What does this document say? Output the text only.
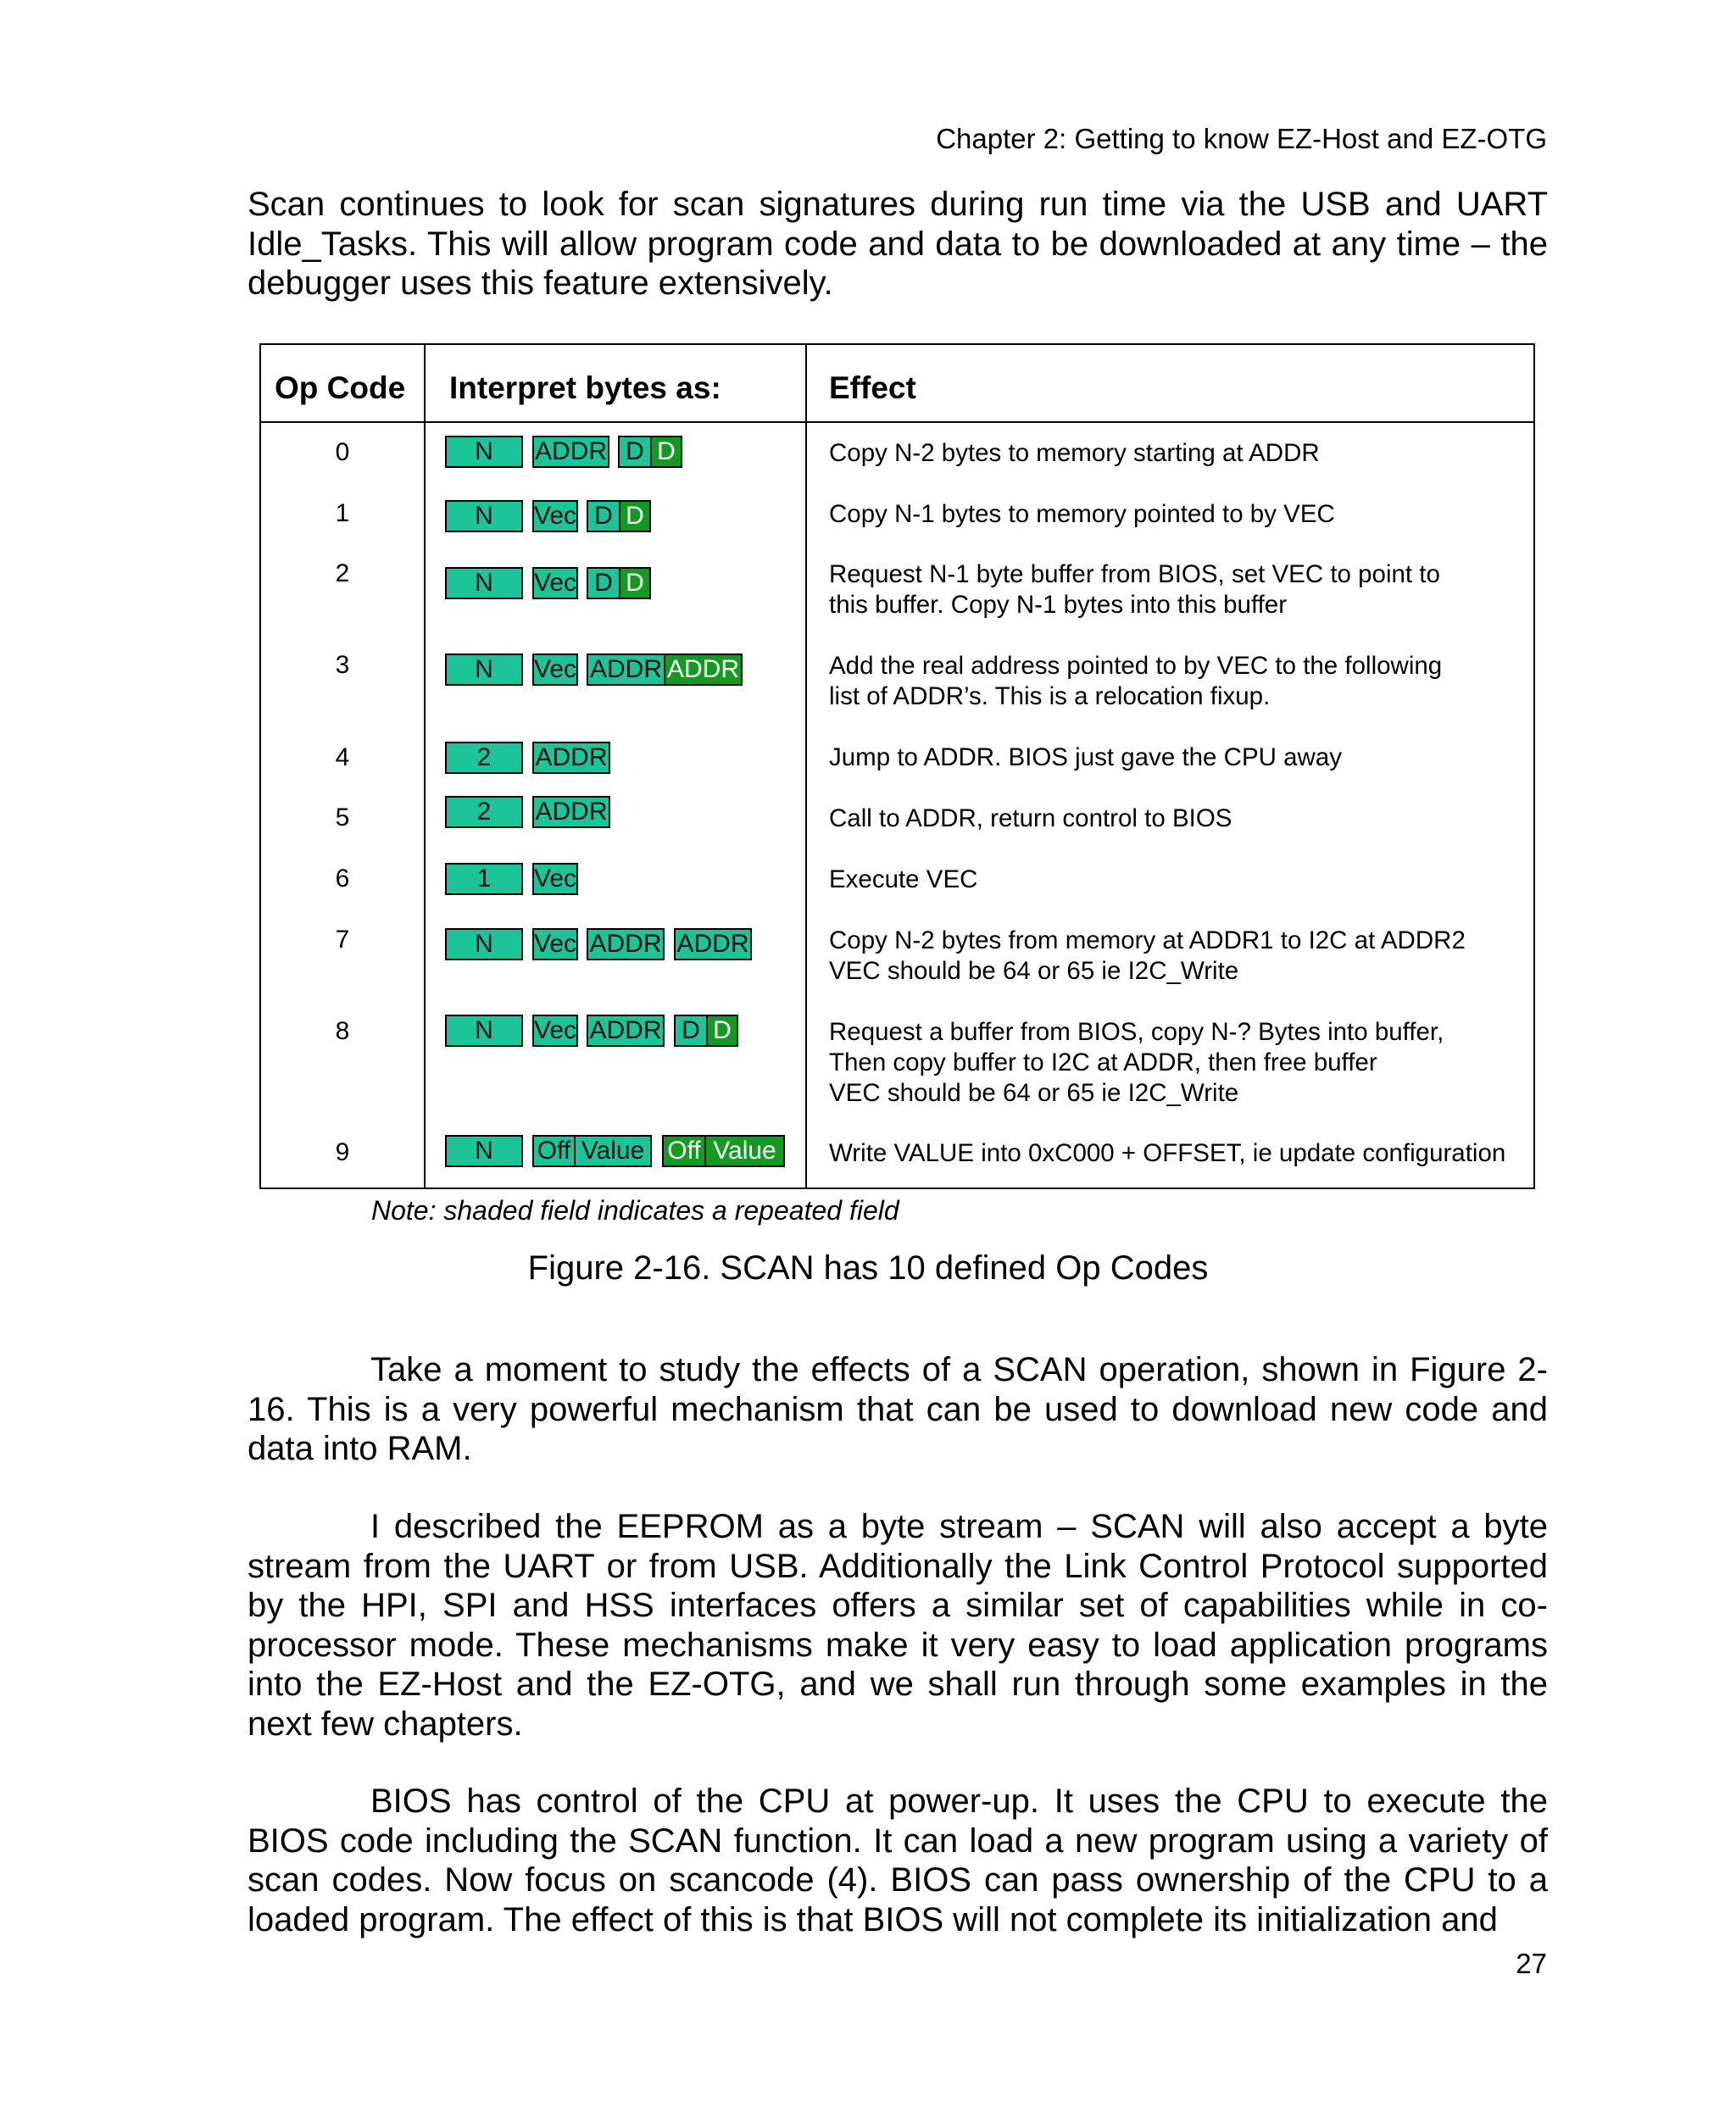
Chapter 2: Getting to know EZ-Host and EZ-OTG
Scan continues to look for scan signatures during run time via the USB and UART Idle_Tasks. This will allow program code and data to be downloaded at any time – the debugger uses this feature extensively.
Op Code Interpret bytes as:	Effect
0	N	ADDR D D	Copy N-2 bytes to memory starting at ADDR
1	N	Vec D D	Copy N-1 bytes to memory pointed to by VEC
2	N	Vec D D	Request N-1 byte buffer from BIOS, set VEC to point to
this buffer. Copy N-1 bytes into this buffer
3	N	Vec ADDR ADDR	Add the real address pointed to by VEC to the following
list of ADDR’s. This is a relocation fixup.
4	2	ADDR	Jump to ADDR. BIOS just gave the CPU away
5	2	ADDR	Call to ADDR, return control to BIOS
6	1	Vec	Execute VEC
7	N	Vec ADDR ADDR	Copy N-2 bytes from memory at ADDR1 to I2C at ADDR2
VEC should be 64 or 65 ie I2C_Write
8	N	Vec ADDR D D	Request a buffer from BIOS, copy N-? Bytes into buffer,
Then copy buffer to I2C at ADDR, then free buffer
VEC should be 64 or 65 ie I2C_Write
9	N	Off Value Off Value	Write VALUE into 0xC000 + OFFSET, ie update configuration
Note: shaded field indicates a repeated field
Figure 2-16. SCAN has 10 defined Op Codes
Take a moment to study the effects of a SCAN operation, shown in Figure 2-16. This is a very powerful mechanism that can be used to download new code and data into RAM.
I described the EEPROM as a byte stream – SCAN will also accept a byte stream from the UART or from USB. Additionally the Link Control Protocol supported by the HPI, SPI and HSS interfaces offers a similar set of capabilities while in co-processor mode. These mechanisms make it very easy to load application programs into the EZ-Host and the EZ-OTG, and we shall run through some examples in the next few chapters.
BIOS has control of the CPU at power-up. It uses the CPU to execute the BIOS code including the SCAN function. It can load a new program using a variety of scan codes. Now focus on scancode (4). BIOS can pass ownership of the CPU to a loaded program. The effect of this is that BIOS will not complete its initialization and
27
